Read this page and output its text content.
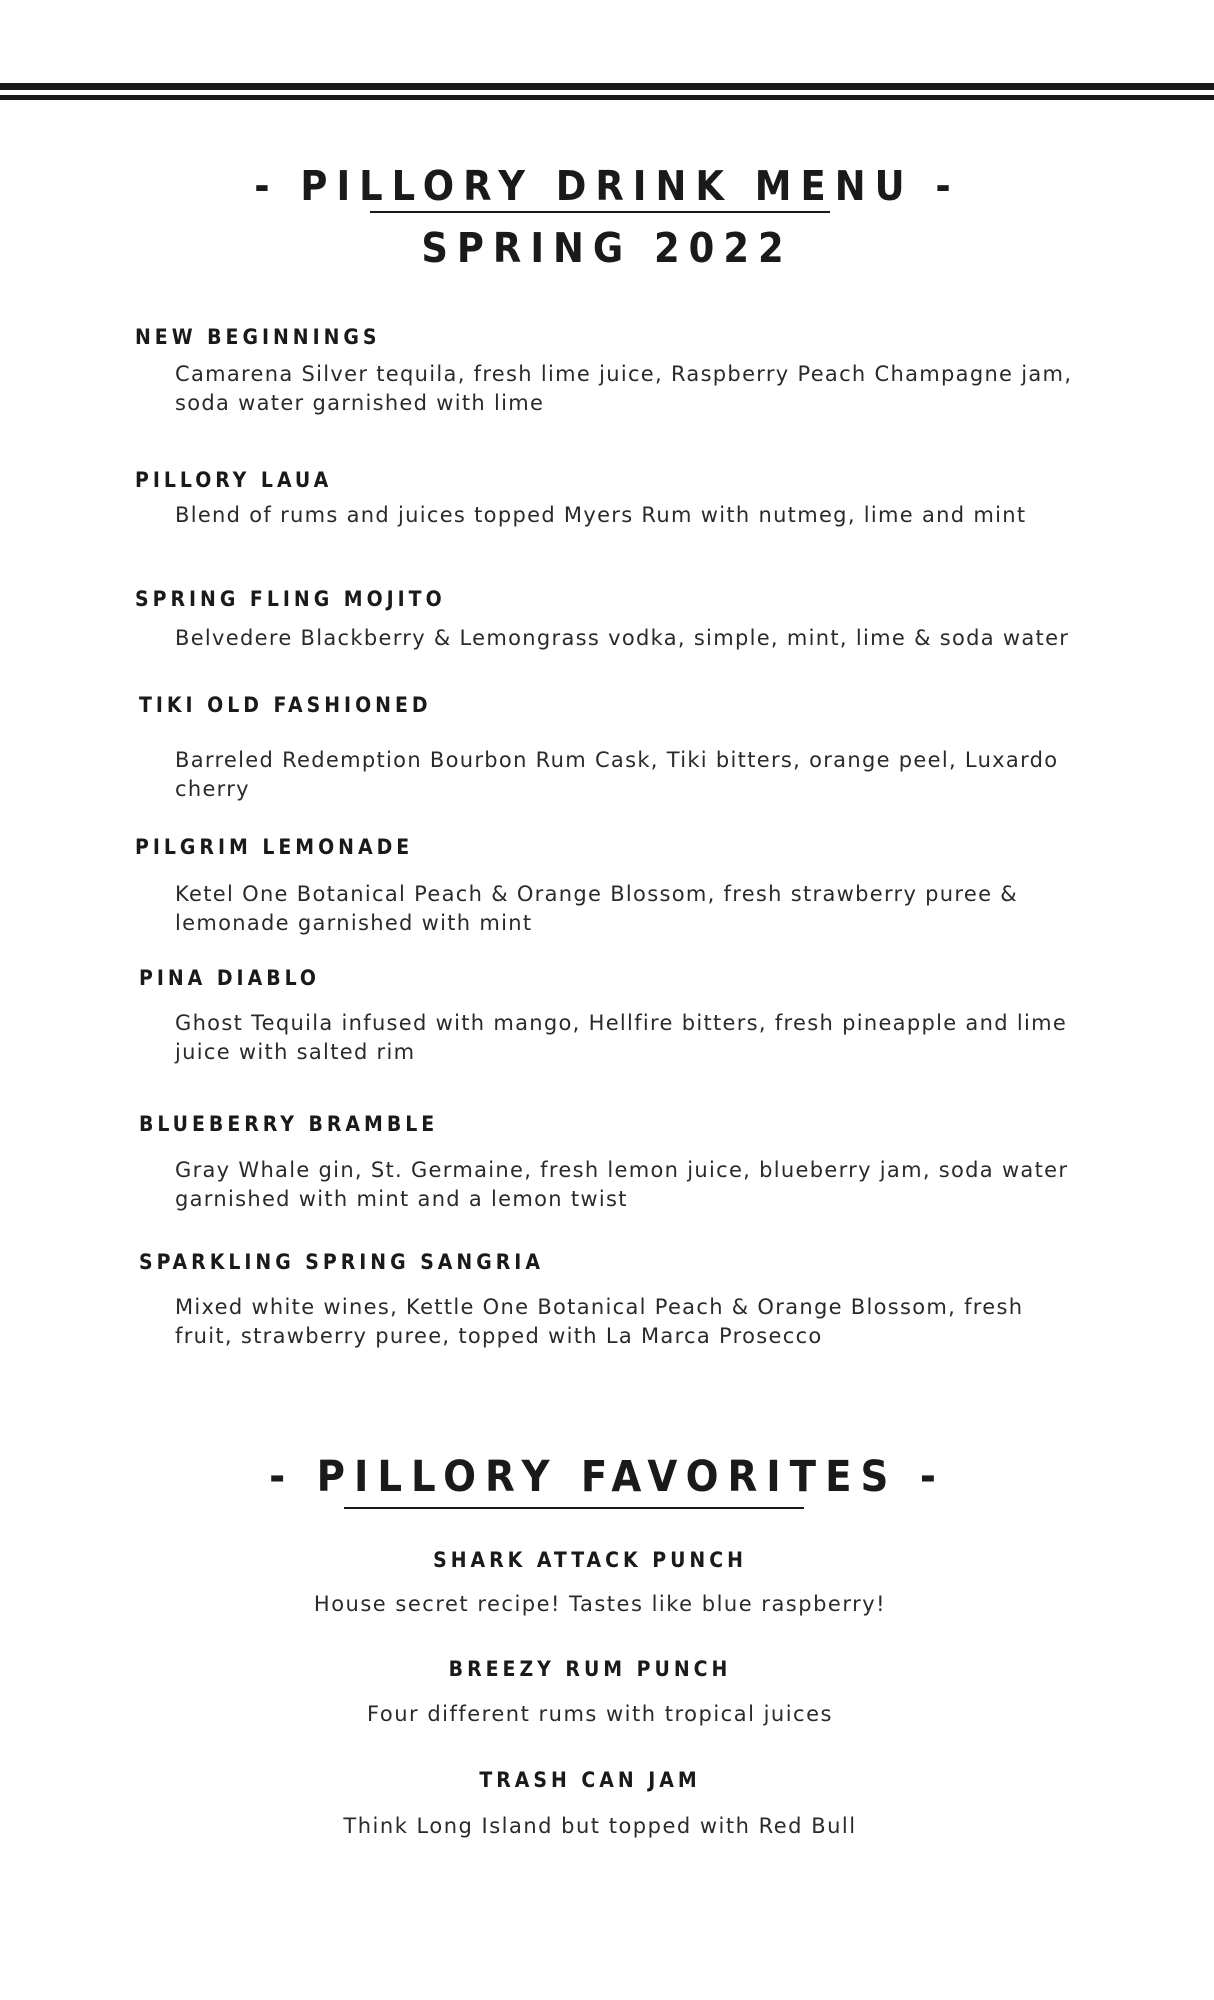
- PILLORY DRINK MENU -
SPRING 2022
NEW BEGINNINGS

Camarena Silver tequila, fresh lime juice, Raspberry Peach Champagne jam, soda water garnished with lime

PILLORY LAUA

Blend of rums and juices topped Myers Rum with nutmeg, lime and mint

SPRING FLING MOJITO

Belvedere Blackberry & Lemongrass vodka, simple, mint, lime & soda water

TIKI OLD FASHIONED

Barreled Redemption Bourbon Rum Cask, Tiki bitters, orange peel, Luxardo cherry

PILGRIM LEMONADE

Ketel One Botanical Peach & Orange Blossom, fresh strawberry puree & lemonade garnished with mint

PINA DIABLO

Ghost Tequila infused with mango, Hellfire bitters, fresh pineapple and lime juice with salted rim

BLUEBERRY BRAMBLE

Gray Whale gin, St. Germaine, fresh lemon juice, blueberry jam, soda water garnished with mint and a lemon twist

SPARKLING SPRING SANGRIA

Mixed white wines, Kettle One Botanical Peach & Orange Blossom, fresh fruit, strawberry puree, topped with La Marca Prosecco

- PILLORY FAVORITES -
SHARK ATTACK PUNCH

House secret recipe! Tastes like blue raspberry!

BREEZY RUM PUNCH

Four different rums with tropical juices

TRASH CAN JAM

Think Long Island but topped with Red Bull
